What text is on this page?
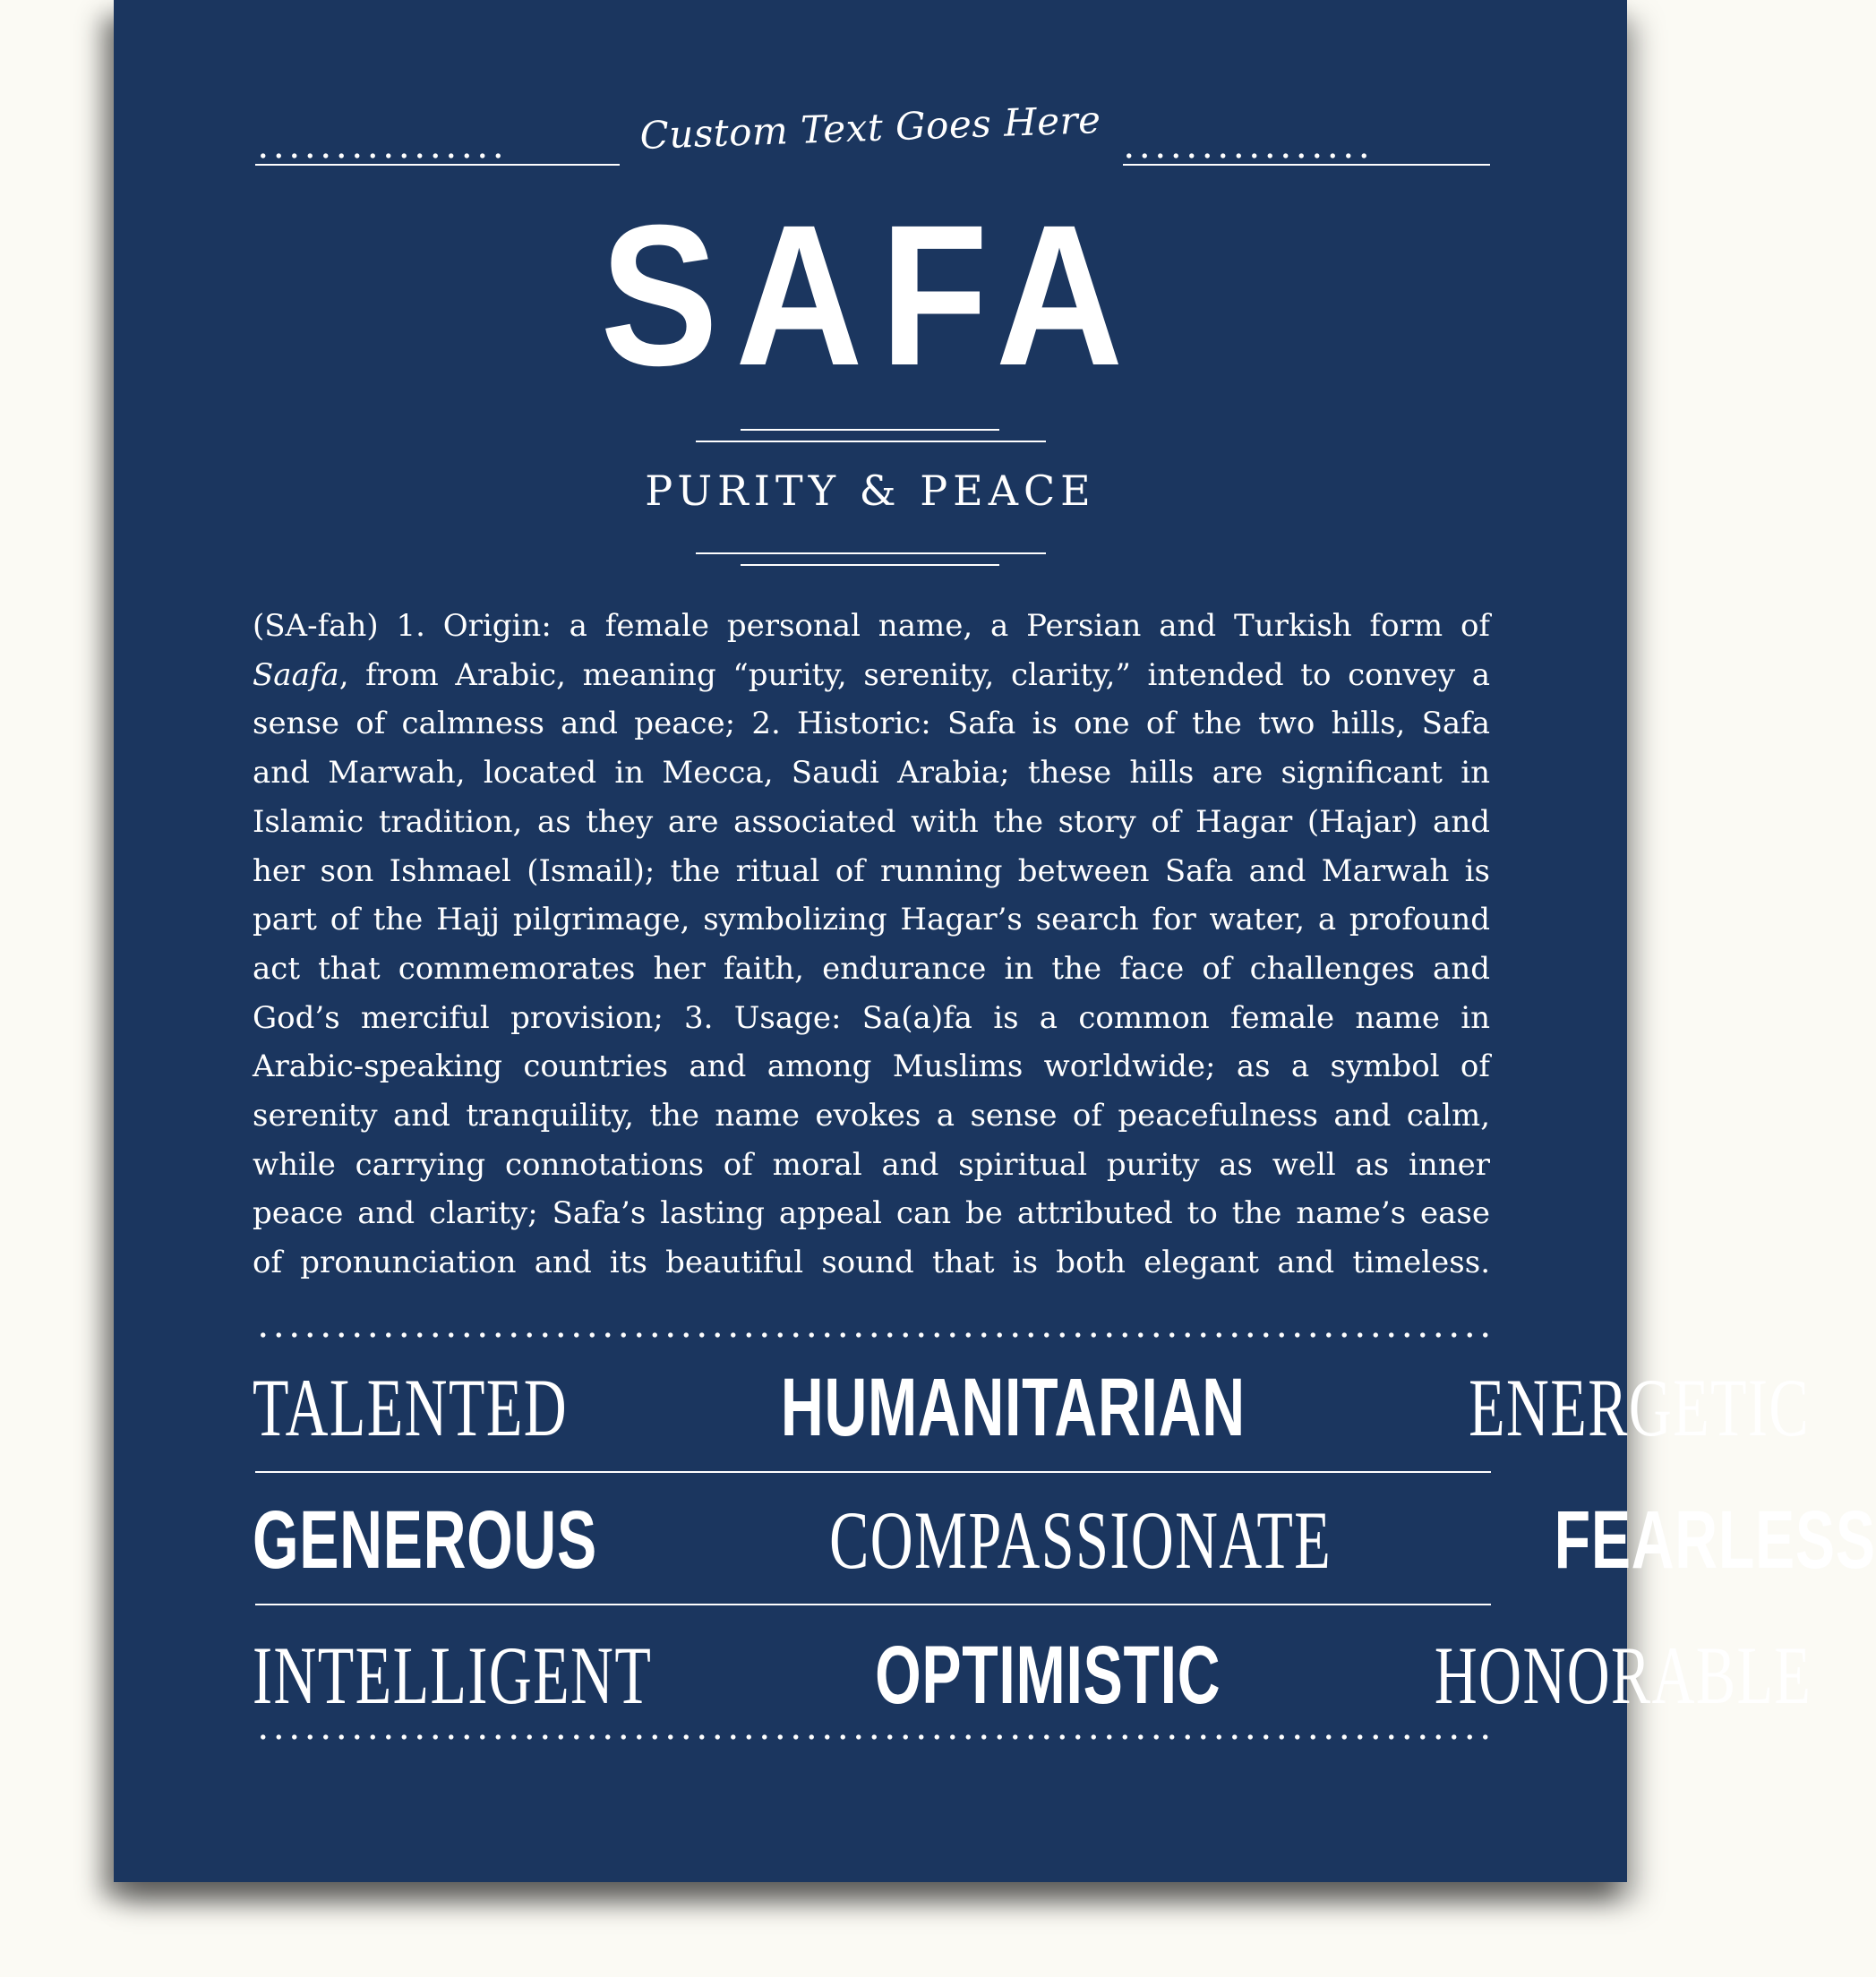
Custom Text Goes Here
SAFA
PURITY & PEACE
(SA-fah) 1. Origin: a female personal name, a Persian and Turkish form of
Saafa, from Arabic, meaning “purity, serenity, clarity,” intended to convey a
sense of calmness and peace; 2. Historic: Safa is one of the two hills, Safa
and Marwah, located in Mecca, Saudi Arabia; these hills are significant in
Islamic tradition, as they are associated with the story of Hagar (Hajar) and
her son Ishmael (Ismail); the ritual of running between Safa and Marwah is
part of the Hajj pilgrimage, symbolizing Hagar’s search for water, a profound
act that commemorates her faith, endurance in the face of challenges and
God’s merciful provision; 3. Usage: Sa(a)fa is a common female name in
Arabic-speaking countries and among Muslims worldwide; as a symbol of
serenity and tranquility, the name evokes a sense of peacefulness and calm,
while carrying connotations of moral and spiritual purity as well as inner
peace and clarity; Safa’s lasting appeal can be attributed to the name’s ease
of pronunciation and its beautiful sound that is both elegant and timeless.
TALENTED	HUMANITARIAN	ENERGETIC
GENEROUS	COMPASSIONATE	FEARLESS
INTELLIGENT	OPTIMISTIC	HONORABLE
